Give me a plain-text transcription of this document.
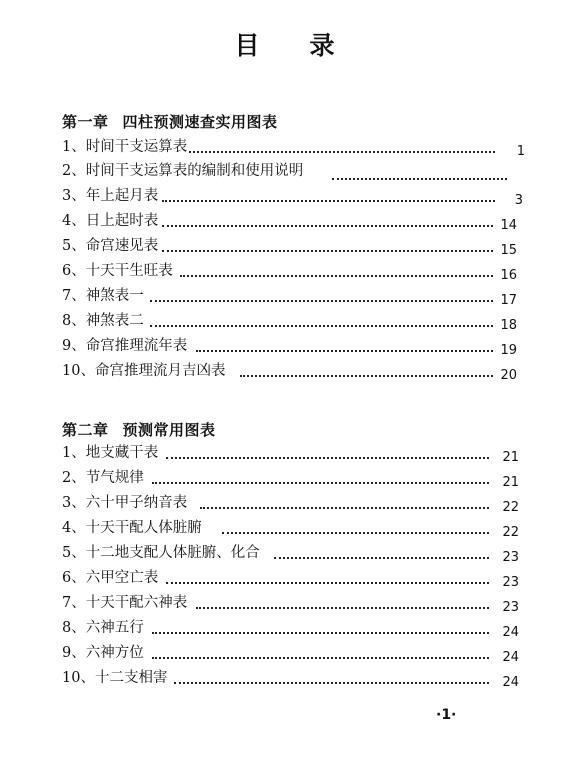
目 录
第一章 四柱预测速查实用图表
1、时间干支运算表	1
2、时间干支运算表的编制和使用说明
3、年上起月表	3
4、日上起时表	14
5、命宫速见表	15
6、十天干生旺表	16
7、神煞表一	17
8、神煞表二	18
9、命宫推理流年表	19
10、命宫推理流月吉凶表	20
第二章 预测常用图表
1、地支藏干表	21
2、节气规律	21
3、六十甲子纳音表	22
4、十天干配人体脏腑	22
5、十二地支配人体脏腑、化合	23
6、六甲空亡表	23
7、十天干配六神表	23
8、六神五行	24
9、六神方位	24
10、十二支相害	24
·1·
